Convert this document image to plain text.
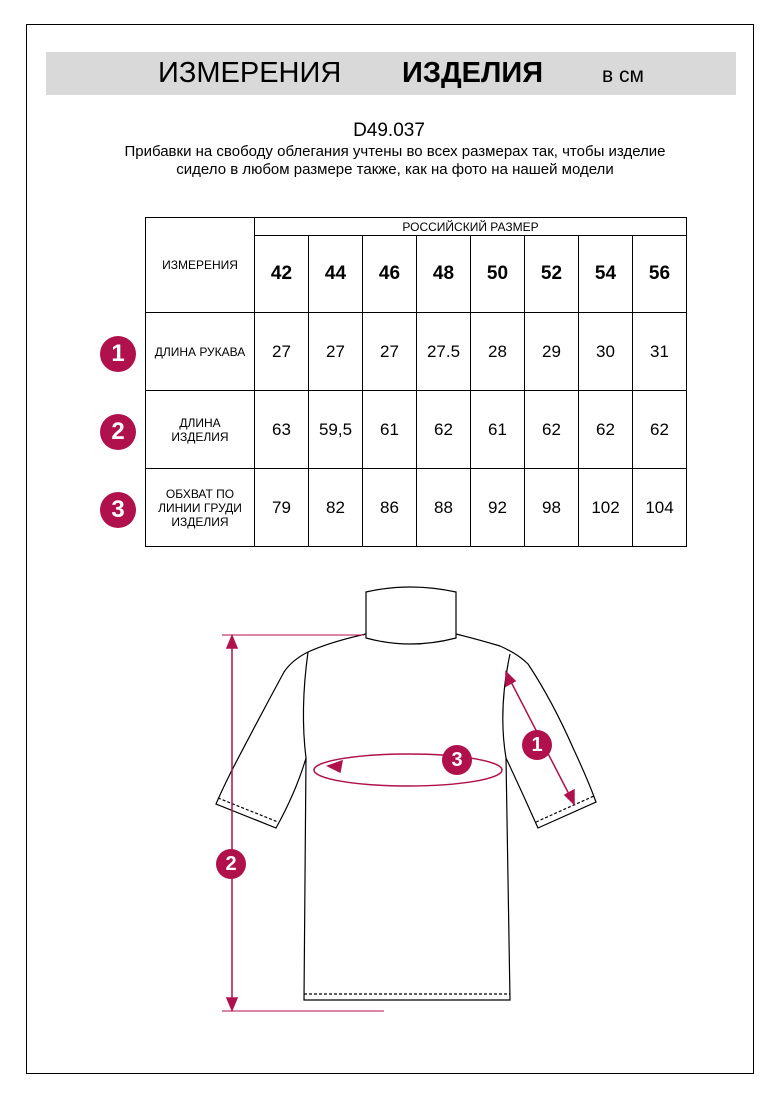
ИЗМЕРЕНИЯ ИЗДЕЛИЯ	в см
D49.037
Прибавки на свободу облегания учтены во всех размерах так, чтобы изделие сидело в любом размере также, как на фото на нашей модели
1
2
3
ИЗМЕРЕНИЯ	РОССИЙСКИЙ РАЗМЕР							
	42	44	46	48	50	52	54	56
ДЛИНА РУКАВА	27	27	27	27.5	28	29	30	31
ДЛИНА ИЗДЕЛИЯ	63	59,5	61	62	61	62	62	62
ОБХВАТ ПО ЛИНИИ ГРУДИ ИЗДЕЛИЯ	79	82	86	88	92	98	102	104
1
2
3
